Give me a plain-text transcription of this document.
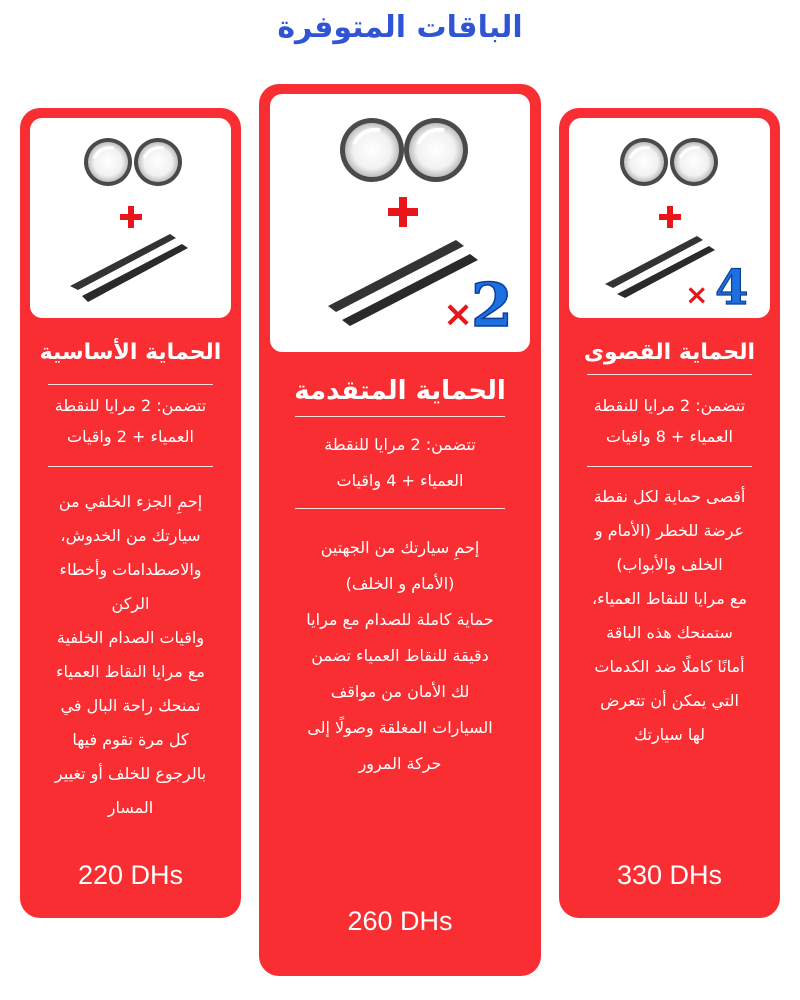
الباقات المتوفرة
الحماية الأساسية
تتضمن: 2 مرايا للنقطة
العمياء + 2 واقيات
إحمِ الجزء الخلفي من
سيارتك من الخدوش،
والاصطدامات وأخطاء
الركن
واقيات الصدام الخلفية
مع مرايا النقاط العمياء
تمنحك راحة البال في
كل مرة تقوم فيها
بالرجوع للخلف أو تغيير
المسار
220 DHs
×
2
الحماية المتقدمة
تتضمن: 2 مرايا للنقطة
العمياء + 4 واقيات
إحمِ سيارتك من الجهتين
(الأمام و الخلف)
حماية كاملة للصدام مع مرايا
دقيقة للنقاط العمياء تضمن
لك الأمان من مواقف
السيارات المغلقة وصولًا إلى
حركة المرور
260 DHs
× 4
الحماية القصوى
تتضمن: 2 مرايا للنقطة
العمياء + 8 واقيات
أقصى حماية لكل نقطة
عرضة للخطر (الأمام و
الخلف والأبواب)
مع مرايا للنقاط العمياء،
ستمنحك هذه الباقة
أمانًا كاملًا ضد الكدمات
التي يمكن أن تتعرض
لها سيارتك
330 DHs
